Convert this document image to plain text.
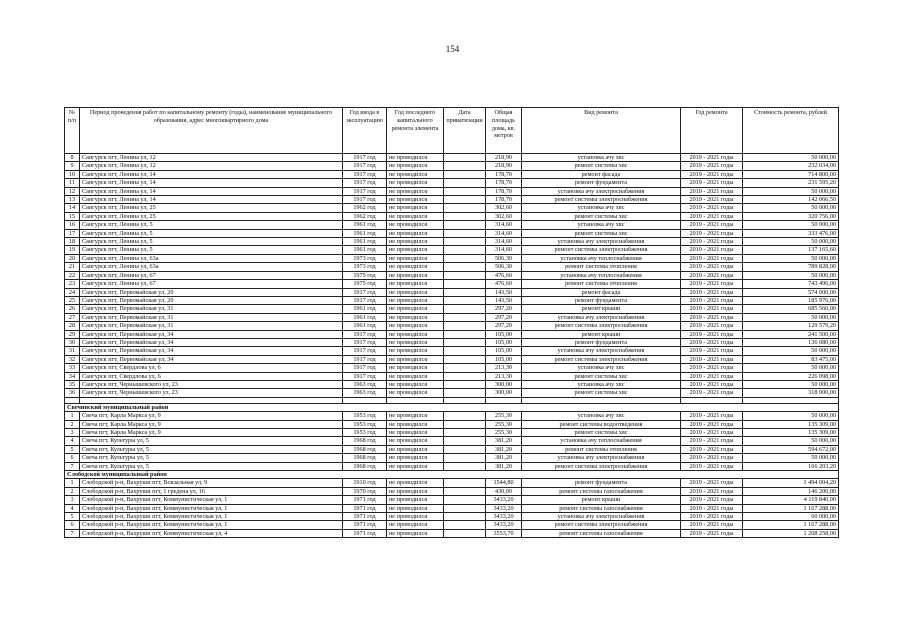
154
№ п/п	Период проведения работ по капитальному ремонту (годы), наименование муниципального образования, адрес многоквартирного дома	Год ввода в эксплуатацию	Год последнего капитального ремонта элемента	Дата приватизации	Общая площадь дома, кв. метров	Вид ремонта	Год ремонта	Стоимость ремонта, рублей
8	Сангурск пгт, Ленина ул, 12	1917 год	не проводился		218,90	установка ачу хвс	2019 - 2021 годы	50 000,00
9	Сангурск пгт, Ленина ул, 12	1917 год	не проводился		218,90	ремонт системы хвс	2019 - 2021 годы	232 034,00
10	Сангурск пгт, Ленина ул, 14	1917 год	не проводился		178,70	ремонт фасада	2019 - 2021 годы	714 800,00
11	Сангурск пгт, Ленина ул, 14	1917 год	не проводился		178,70	ремонт фундамента	2019 - 2021 годы	231 595,20
12	Сангурск пгт, Ленина ул, 14	1917 год	не проводился		178,70	установка ачу электроснабжения	2019 - 2021 годы	50 000,00
13	Сангурск пгт, Ленина ул, 14	1917 год	не проводился		178,70	ремонт системы электроснабжения	2019 - 2021 годы	142 066,50
14	Сангурск пгт, Ленина ул, 25	1962 год	не проводился		302,60	установка ачу хвс	2019 - 2021 годы	50 000,00
15	Сангурск пгт, Ленина ул, 25	1962 год	не проводился		302,60	ремонт системы хвс	2019 - 2021 годы	320 756,00
16	Сангурск пгт, Ленина ул, 5	1961 год	не проводился		314,60	установка ачу хвс	2019 - 2021 годы	50 000,00
17	Сангурск пгт, Ленина ул, 5	1961 год	не проводился		314,60	ремонт системы хвс	2019 - 2021 годы	333 476,00
18	Сангурск пгт, Ленина ул, 5	1961 год	не проводился		314,60	установка ачу электроснабжения	2019 - 2021 годы	50 000,00
19	Сангурск пгт, Ленина ул, 5	1961 год	не проводился		314,60	ремонт системы электроснабжения	2019 - 2021 годы	137 165,60
20	Сангурск пгт, Ленина ул, 63а	1973 год	не проводился		506,30	установка ачу теплоснабжения	2019 - 2021 годы	50 000,00
21	Сангурск пгт, Ленина ул, 63а	1973 год	не проводился		506,30	ремонт системы отопления	2019 - 2021 годы	789 828,00
22	Сангурск пгт, Ленина ул, 67	1975 год	не проводился		476,60	установка ачу теплоснабжения	2019 - 2021 годы	50 000,00
23	Сангурск пгт, Ленина ул, 67	1975 год	не проводился		476,60	ремонт системы отопления	2019 - 2021 годы	743 496,00
24	Сангурск пгт, Первомайская ул, 20	1917 год	не проводился		143,50	ремонт фасада	2019 - 2021 годы	574 000,00
25	Сангурск пгт, Первомайская ул, 20	1917 год	не проводился		143,50	ремонт фундамента	2019 - 2021 годы	185 976,00
26	Сангурск пгт, Первомайская ул, 31	1961 год	не проводился		297,20	ремонт крыши	2019 - 2021 годы	685 560,00
27	Сангурск пгт, Первомайская ул, 31	1961 год	не проводился		297,20	установка ачу электроснабжения	2019 - 2021 годы	50 000,00
28	Сангурск пгт, Первомайская ул, 31	1961 год	не проводился		297,20	ремонт системы электроснабжения	2019 - 2021 годы	129 579,20
29	Сангурск пгт, Первомайская ул, 34	1917 год	не проводился		105,00	ремонт крыши	2019 - 2021 годы	241 500,00
30	Сангурск пгт, Первомайская ул, 34	1917 год	не проводился		105,00	ремонт фундамента	2019 - 2021 годы	136 080,00
31	Сангурск пгт, Первомайская ул, 34	1917 год	не проводился		105,00	установка ачу электроснабжения	2019 - 2021 годы	50 000,00
32	Сангурск пгт, Первомайская ул, 34	1917 год	не проводился		105,00	ремонт системы электроснабжения	2019 - 2021 годы	83 475,00
33	Сангурск пгт, Свердлова ул, 6	1917 год	не проводился		213,30	установка ачу хвс	2019 - 2021 годы	50 000,00
34	Сангурск пгт, Свердлова ул, 6	1917 год	не проводился		213,30	ремонт системы хвс	2019 - 2021 годы	226 098,00
35	Сангурск пгт, Чернышевского ул, 23	1963 год	не проводился		300,00	установка ачу хвс	2019 - 2021 годы	50 000,00
36	Сангурск пгт, Чернышевского ул, 23	1963 год	не проводился		300,00	ремонт системы хвс	2019 - 2021 годы	318 000,00

Свечинский муниципальный район								
1	Свеча пгт, Карла Маркса ул, 9	1953 год	не проводился		255,30	установка ачу хвс	2019 - 2021 годы	50 000,00
2	Свеча пгт, Карла Маркса ул, 9	1953 год	не проводился		255,30	ремонт системы водоотведения	2019 - 2021 годы	135 309,00
3	Свеча пгт, Карла Маркса ул, 9	1953 год	не проводился		255,30	ремонт системы хвс	2019 - 2021 годы	135 309,00
4	Свеча пгт, Культуры ул, 5	1968 год	не проводился		381,20	установка ачу теплоснабжения	2019 - 2021 годы	50 000,00
5	Свеча пгт, Культуры ул, 5	1968 год	не проводился		381,20	ремонт системы отопления	2019 - 2021 годы	594 672,00
6	Свеча пгт, Культуры ул, 5	1968 год	не проводился		381,20	установка ачу электроснабжения	2019 - 2021 годы	50 000,00
7	Свеча пгт, Культуры ул, 5	1968 год	не проводился		381,20	ремонт системы электроснабжения	2019 - 2021 годы	166 203,20
Слободской муниципальный район								
1	Слободской р-н, Вахруши пгт, Вокзальная ул, 9	1910 год	не проводился		1544,80	ремонт фундамента	2019 - 2021 годы	1 494 004,20
2	Слободской р-н, Вахруши пгт, 1 гредена ул, 16	1970 год	не проводился		430,00	ремонт системы газоснабжения	2019 - 2021 годы	146 200,00
3	Слободской р-н, Вахруши пгт, Коммунистическая ул, 1	1971 год	не проводился		3433,20	ремонт крыши	2019 - 2021 годы	4 119 840,00
4	Слободской р-н, Вахруши пгт, Коммунистическая ул, 1	1971 год	не проводился		3433,20	ремонт системы газоснабжения	2019 - 2021 годы	1 167 288,00
5	Слободской р-н, Вахруши пгт, Коммунистическая ул, 1	1971 год	не проводился		3433,20	установка ачу электроснабжения	2019 - 2021 годы	60 000,00
6	Слободской р-н, Вахруши пгт, Коммунистическая ул, 1	1971 год	не проводился		3433,20	ремонт системы электроснабжения	2019 - 2021 годы	1 167 288,00
7	Слободской р-н, Вахруши пгт, Коммунистическая ул, 4	1971 год	не проводился		3553,70	ремонт системы газоснабжения	2019 - 2021 годы	1 208 258,00
